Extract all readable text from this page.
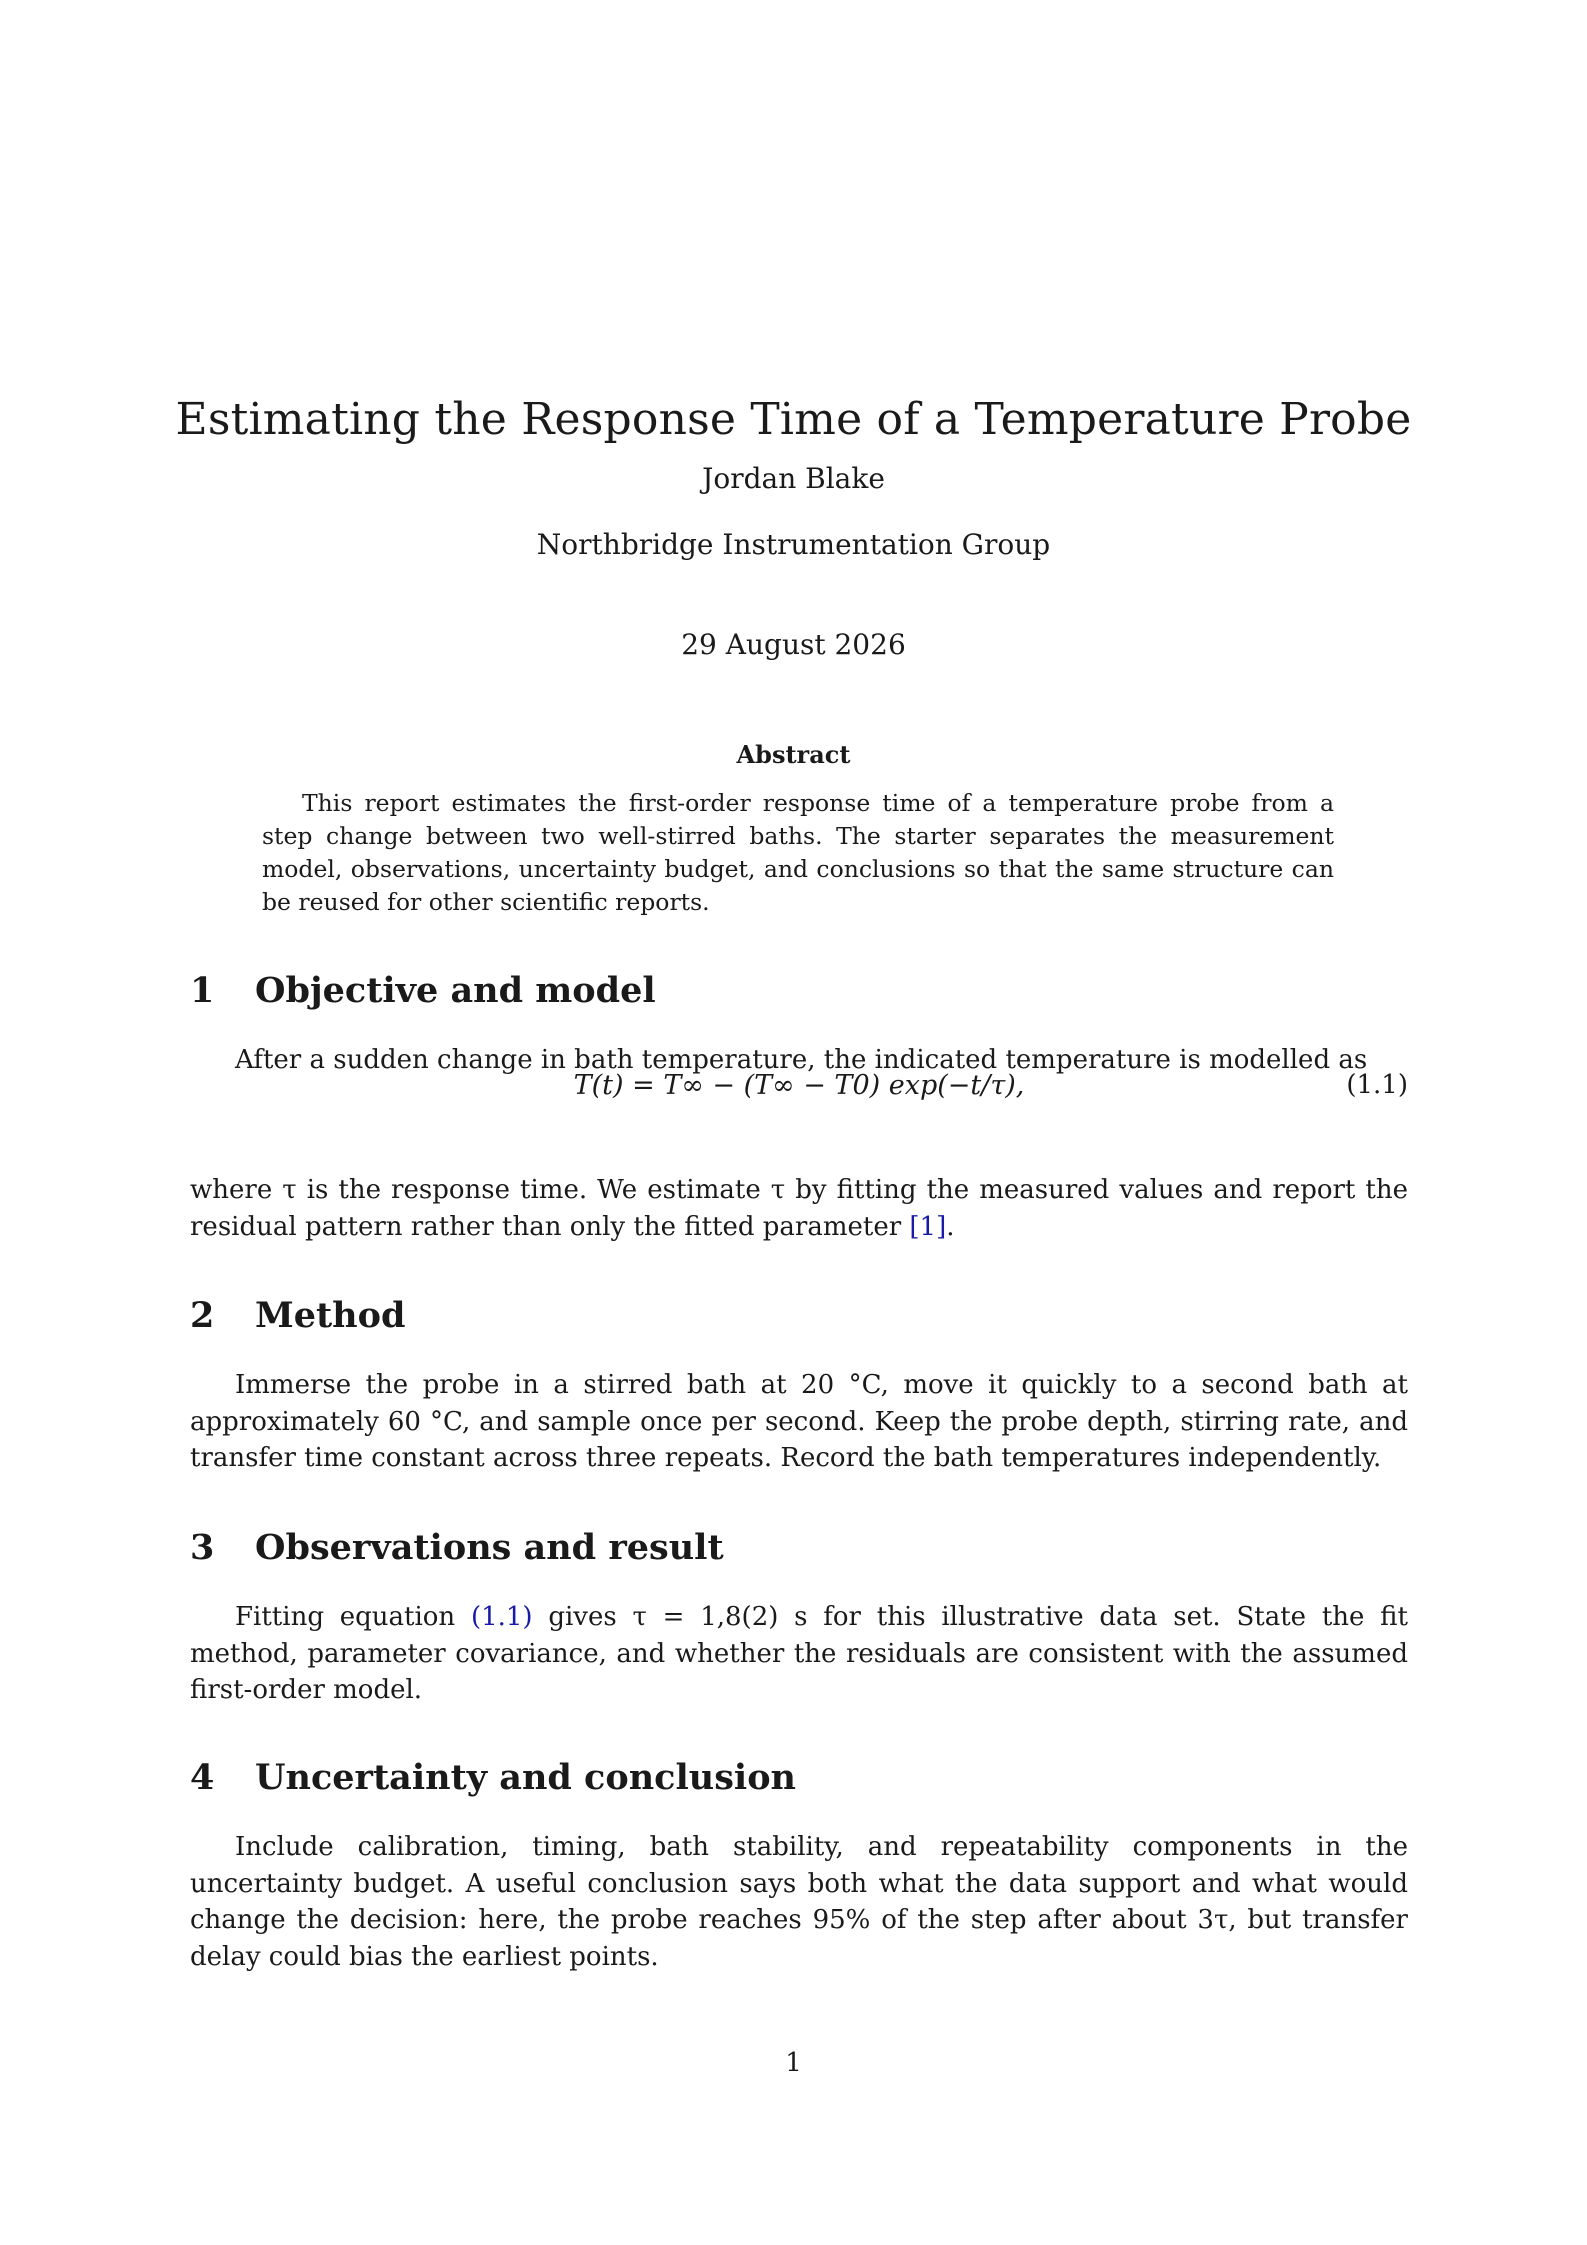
Estimating the Response Time of a Temperature Probe
Jordan Blake
Northbridge Instrumentation Group
29 August 2026
Abstract
This report estimates the first-order response time of a temperature probe from a step change between two well-stirred baths. The starter separates the measurement model, observations, uncertainty budget, and conclusions so that the same structure can be reused for other scientific reports.
1 Objective and model
After a sudden change in bath temperature, the indicated temperature is modelled as
T(t) = T∞ − (T∞ − T0) exp(−t/τ),	(1.1)
where τ is the response time. We estimate τ by fitting the measured values and report the residual pattern rather than only the fitted parameter [1].
2 Method
Immerse the probe in a stirred bath at 20 °C, move it quickly to a second bath at approximately 60 °C, and sample once per second. Keep the probe depth, stirring rate, and transfer time constant across three repeats. Record the bath temperatures independently.
3 Observations and result
Fitting equation (1.1) gives τ = 1,8(2) s for this illustrative data set. State the fit method, parameter covariance, and whether the residuals are consistent with the assumed first-order model.
4 Uncertainty and conclusion
Include calibration, timing, bath stability, and repeatability components in the uncertainty budget. A useful conclusion says both what the data support and what would change the decision: here, the probe reaches 95% of the step after about 3τ, but transfer delay could bias the earliest points.
1
